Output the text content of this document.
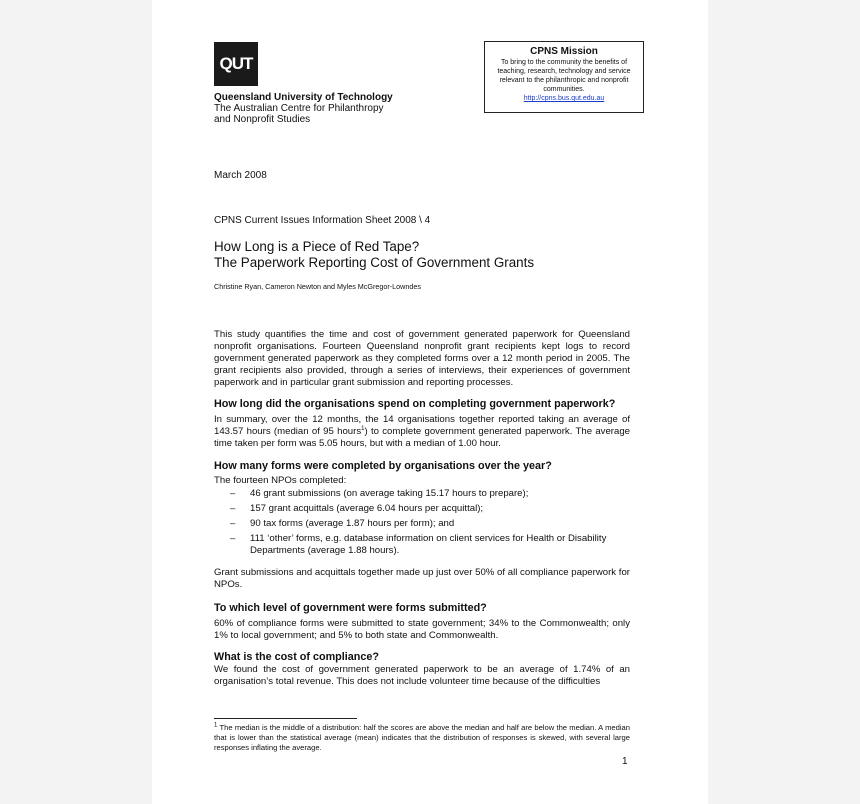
QUT
Queensland University of Technology
The Australian Centre for Philanthropy
and Nonprofit Studies
CPNS Mission
To bring to the community the benefits of teaching, research, technology and service relevant to the philanthropic and nonprofit communities.
http://cpns.bus.qut.edu.au
March 2008
CPNS Current Issues Information Sheet 2008 \ 4
How Long is a Piece of Red Tape?
The Paperwork Reporting Cost of Government Grants
Christine Ryan, Cameron Newton and Myles McGregor-Lowndes
This study quantifies the time and cost of government generated paperwork for Queensland nonprofit organisations. Fourteen Queensland nonprofit grant recipients kept logs to record government generated paperwork as they completed forms over a 12 month period in 2005. The grant recipients also provided, through a series of interviews, their experiences of government paperwork and in particular grant submission and reporting processes.
How long did the organisations spend on completing government paperwork?
In summary, over the 12 months, the 14 organisations together reported taking an average of 143.57 hours (median of 95 hours$^1$) to complete government generated paperwork. The average time taken per form was 5.05 hours, but with a median of 1.00 hour.
How many forms were completed by organisations over the year?
The fourteen NPOs completed:
–	46 grant submissions (on average taking 15.17 hours to prepare);
–	157 grant acquittals (average 6.04 hours per acquittal);
–	90 tax forms (average 1.87 hours per form); and
–	111 ‘other’ forms, e.g. database information on client services for Health or Disability Departments (average 1.88 hours).
Grant submissions and acquittals together made up just over 50% of all compliance paperwork for NPOs.
To which level of government were forms submitted?
60% of compliance forms were submitted to state government; 34% to the Commonwealth; only 1% to local government; and 5% to both state and Commonwealth.
What is the cost of compliance?
We found the cost of government generated paperwork to be an average of 1.74% of an organisation’s total revenue. This does not include volunteer time because of the difficulties
$^1$ The median is the middle of a distribution: half the scores are above the median and half are below the median. A median that is lower than the statistical average (mean) indicates that the distribution of responses is skewed, with several large responses inflating the average.
1
